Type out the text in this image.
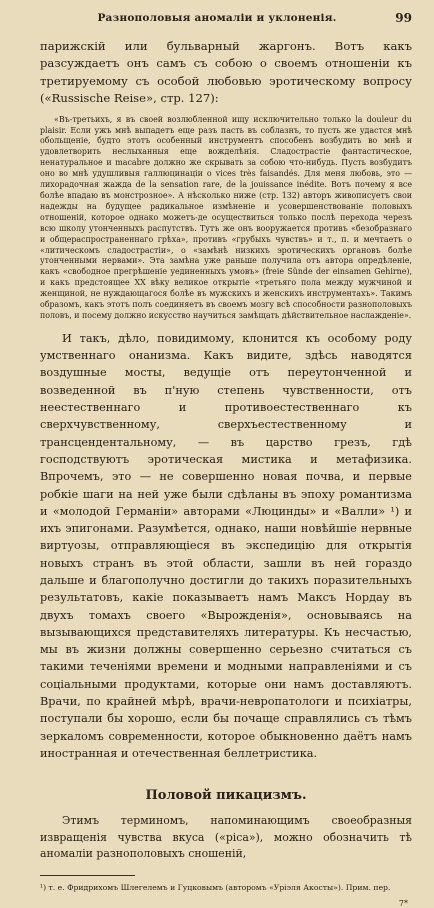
Разнополовыя аномаліи и уклоненія.	99

парижскій или бульварный жаргонъ. Вотъ какъ разсуждаетъ онъ самъ съ собою о своемъ отношеніи къ третируемому съ особой любовью эротическому вопросу («Russische Reise», стр. 127):

«Въ-третьихъ, я въ своей возлюбленной ищу исключительно только la douleur du plaisir. Если ужъ мнѣ выпадетъ еще разъ пасть въ соблазнъ, то пусть же удастся мнѣ обольщеніе, будто этотъ особенный инструментъ способенъ возбудить во мнѣ и удовлетворить неслыханныя еще вожделѣнія. Сладострастіе фантастическое, ненатуральное и macabre должно же скрывать за собою что-нибудь. Пусть возбудитъ оно во мнѣ удушливыя галлюцинаціи о vices très faisandés. Для меня любовь, это — лихорадочная жажда de la sensation rare, de la jouissance inédite. Вотъ почему я все болѣе впадаю въ монстрозное». А нѣсколько ниже (стр. 132) авторъ живописуетъ свои надежды на будущее радикальное измѣненіе и усовершенствованіе половыхъ отношеній, которое однако можетъ-де осуществиться только послѣ перехода черезъ всю школу утонченныхъ распутствъ. Тутъ же онъ вооружается противъ «безобразнаго и общераспространеннаго грѣха», противъ «грубыхъ чувствъ» и т., п. и мечтаетъ о «литическомъ сладострастіи», о «замѣнѣ низкихъ эротическихъ органовъ болѣе утонченными нервами». Эта замѣна уже раньше получила отъ автора опредѣленіе, какъ «свободное прегрѣшеніе уединенныхъ умовъ» (freie Sünde der einsamen Gehirne), и какъ предстоящее ХХ вѣку великое открытіе «третьяго пола между мужчиной и женщиной, не нуждающагося болѣе въ мужскихъ и женскихъ инструментахъ». Такимъ образомъ, какъ этотъ полъ соединяетъ въ своемъ мозгу всѣ способности разнополовыхъ половъ, и посему должно искусство научиться замѣщать дѣйствительное наслажденіе».

И такъ, дѣло, повидимому, клонится къ особому роду умственнаго онанизма. Какъ видите, здѣсь наводятся воздушные мосты, ведущіе отъ переутонченной и возведенной въ п'ную степень чувственности, отъ неестественнаго и противоестественнаго къ сверхчувственному, сверхъестественному и трансцендентальному, — въ царство грезъ, гдѣ господствуютъ эротическая мистика и метафизика. Впрочемъ, это — не совершенно новая почва, и первые робкіе шаги на ней уже были сдѣланы въ эпоху романтизма и «молодой Германіи» авторами «Люцинды» и «Валли» ¹) и ихъ эпигонами. Разумѣется, однако, наши новѣйшіе нервные виртуозы, отправляющіеся въ экспедицію для открытія новыхъ странъ въ этой области, зашли въ ней гораздо дальше и благополучно достигли до такихъ поразительныхъ результатовъ, какіе показываетъ намъ Максъ Нордау въ двухъ томахъ своего «Вырожденія», основываясь на вызывающихся представителяхъ литературы. Къ несчастью, мы въ жизни должны совершенно серьезно считаться съ такими теченіями времени и модными направленіями и съ соціальными продуктами, которые они намъ доставляютъ. Врачи, по крайней мѣрѣ, врачи-невропатологи и психіатры, поступали бы хорошо, если бы почаще справлялись съ тѣмъ зеркаломъ современности, которое обыкновенно даётъ намъ иностранная и отечественная беллетристика.

Половой пикацизмъ.

Этимъ терминомъ, напоминающимъ своеобразныя извращенія чувства вкуса («pica»), можно обозначить тѣ аномаліи разнополовыхъ сношеній,

¹) т. е. Фридрихомъ Шлегелемъ и Гуцковымъ (авторомъ «Уріэля Акосты»). Прим. пер.

7*
